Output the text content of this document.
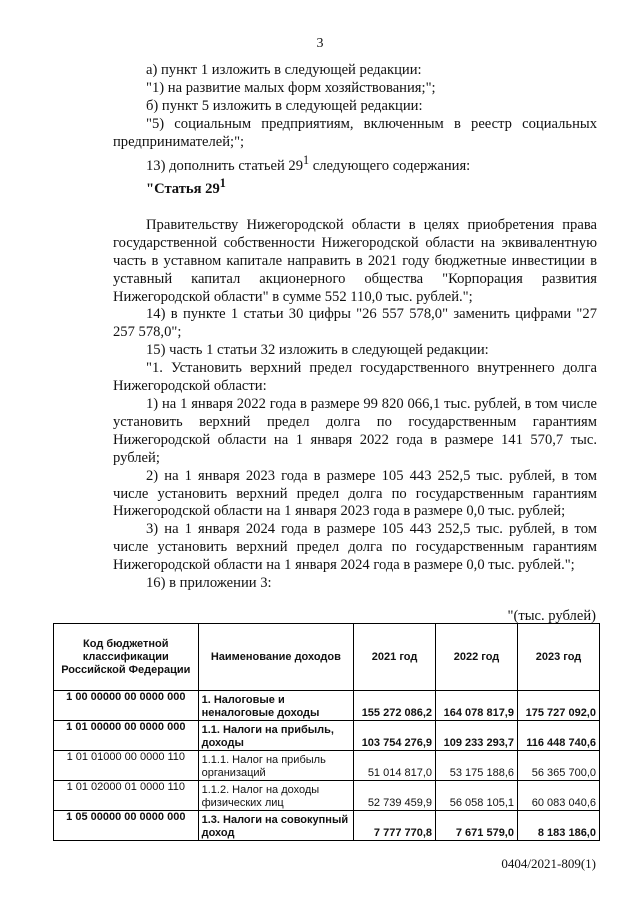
3

а) пункт 1 изложить в следующей редакции:

"1) на развитие малых форм хозяйствования;";

б) пункт 5 изложить в следующей редакции:

"5) социальным предприятиям, включенным в реестр социальных предпринимателей;";

13) дополнить статьей $29^1$ следующего содержания:

"Статья $29^1$

Правительству Нижегородской области в целях приобретения права государственной собственности Нижегородской области на эквивалентную часть в уставном капитале направить в 2021 году бюджетные инвестиции в уставный капитал акционерного общества "Корпорация развития Нижегородской области" в сумме 552 110,0 тыс. рублей.";

14) в пункте 1 статьи 30 цифры "26 557 578,0" заменить цифрами "27 257 578,0";

15) часть 1 статьи 32 изложить в следующей редакции:

"1. Установить верхний предел государственного внутреннего долга Нижегородской области:

1) на 1 января 2022 года в размере 99 820 066,1 тыс. рублей, в том числе установить верхний предел долга по государственным гарантиям Нижегородской области на 1 января 2022 года в размере 141 570,7 тыс. рублей;

2) на 1 января 2023 года в размере 105 443 252,5 тыс. рублей, в том числе установить верхний предел долга по государственным гарантиям Нижегородской области на 1 января 2023 года в размере 0,0 тыс. рублей;

3) на 1 января 2024 года в размере 105 443 252,5 тыс. рублей, в том числе установить верхний предел долга по государственным гарантиям Нижегородской области на 1 января 2024 года в размере 0,0 тыс. рублей.";

16) в приложении 3:

"(тыс. рублей)
Код бюджетной классификации Российской Федерации	Наименование доходов	2021 год	2022 год	2023 год
1 00 00000 00 0000 000	1. Налоговые и неналоговые доходы	155 272 086,2	164 078 817,9	175 727 092,0
1 01 00000 00 0000 000	1.1. Налоги на прибыль, доходы	103 754 276,9	109 233 293,7	116 448 740,6
1 01 01000 00 0000 110	1.1.1. Налог на прибыль организаций	51 014 817,0	53 175 188,6	56 365 700,0
1 01 02000 01 0000 110	1.1.2. Налог на доходы физических лиц	52 739 459,9	56 058 105,1	60 083 040,6
1 05 00000 00 0000 000	1.3. Налоги на совокупный доход	7 777 770,8	7 671 579,0	8 183 186,0
0404/2021-809(1)
